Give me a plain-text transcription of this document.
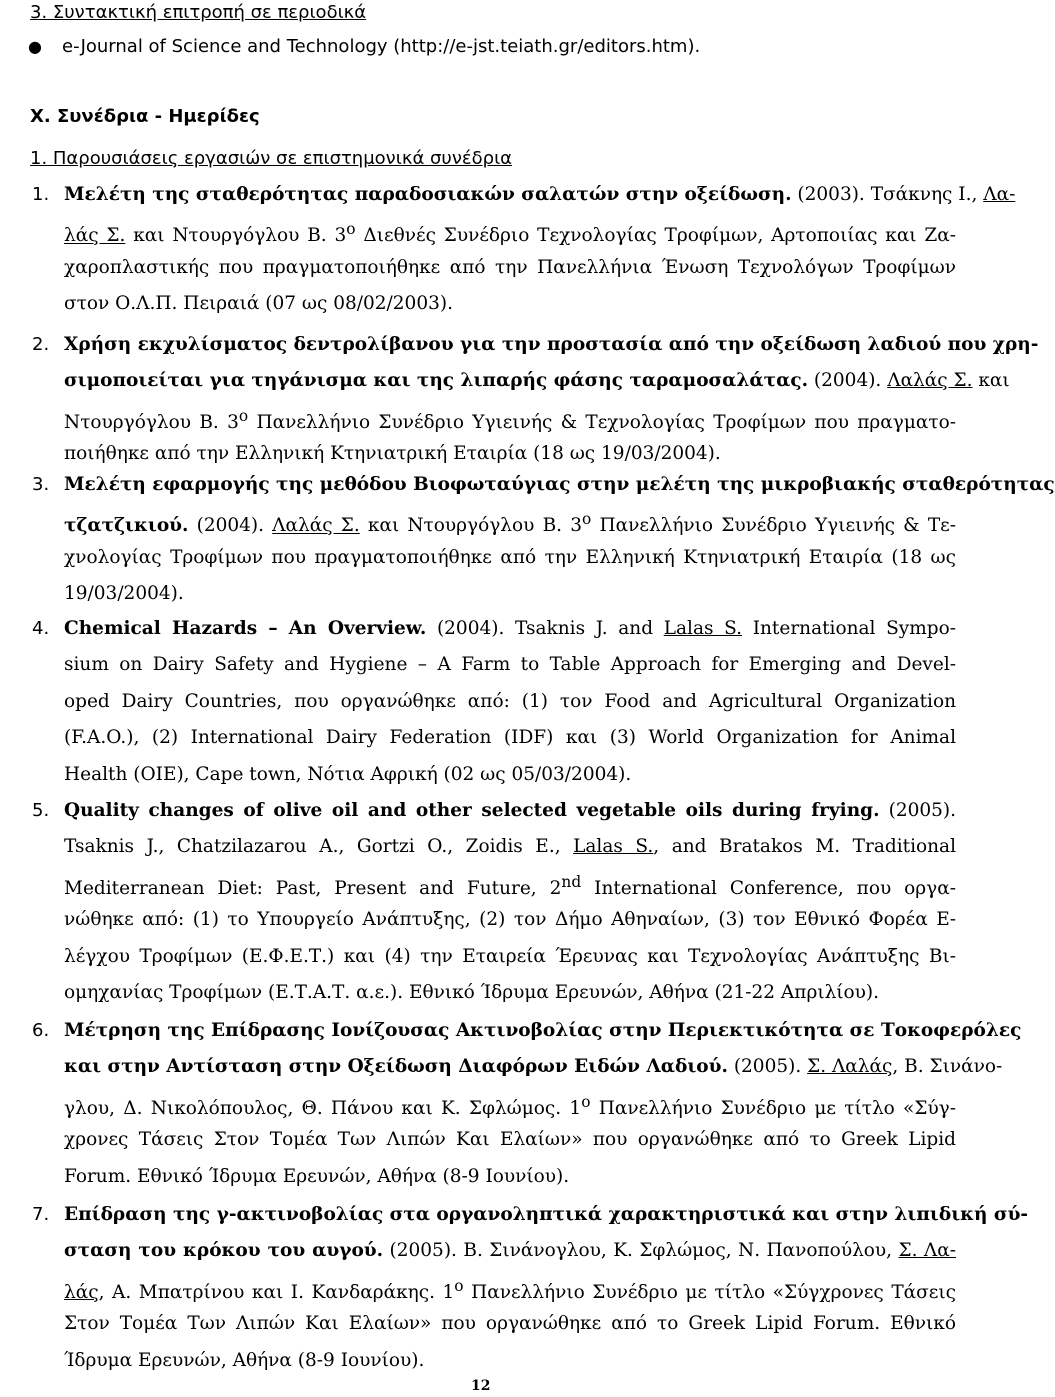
3. Συντακτική επιτροπή σε περιοδικά
● e-Journal of Science and Technology (http://e-jst.teiath.gr/editors.htm).
Χ. Συνέδρια - Ημερίδες
1. Παρουσιάσεις εργασιών σε επιστημονικά συνέδρια
1. Μελέτη της σταθερότητας παραδοσιακών σαλατών στην οξείδωση. (2003). Τσάκνης Ι., Λα-
λάς Σ. και Ντουργόγλου Β. $3^o$ Διεθνές Συνέδριο Τεχνολογίας Τροφίμων, Αρτοποιίας και Ζα-
χαροπλαστικής που πραγματοποιήθηκε από την Πανελλήνια Ένωση Τεχνολόγων Τροφίμων
στον Ο.Λ.Π. Πειραιά (07 ως 08/02/2003).
2. Χρήση εκχυλίσματος δεντρολίβανου για την προστασία από την οξείδωση λαδιού που χρη-
σιμοποιείται για τηγάνισμα και της λιπαρής φάσης ταραμοσαλάτας. (2004). Λαλάς Σ. και
Ντουργόγλου Β. $3^o$ Πανελλήνιο Συνέδριο Υγιεινής & Τεχνολογίας Τροφίμων που πραγματο-
ποιήθηκε από την Ελληνική Κτηνιατρική Εταιρία (18 ως 19/03/2004).
3. Μελέτη εφαρμογής της μεθόδου Βιοφωταύγιας στην μελέτη της μικροβιακής σταθερότητας
τζατζικιού. (2004). Λαλάς Σ. και Ντουργόγλου Β. $3^o$ Πανελλήνιο Συνέδριο Υγιεινής & Τε-
χνολογίας Τροφίμων που πραγματοποιήθηκε από την Ελληνική Κτηνιατρική Εταιρία (18 ως
19/03/2004).
4. Chemical Hazards – An Overview. (2004). Tsaknis J. and Lalas S. International Sympo-
sium on Dairy Safety and Hygiene – A Farm to Table Approach for Emerging and Devel-
oped Dairy Countries, που οργανώθηκε από: (1) τον Food and Agricultural Organization
(F.A.O.), (2) International Dairy Federation (IDF) και (3) World Organization for Animal
Health (OIE), Cape town, Νότια Αφρική (02 ως 05/03/2004).
5. Quality changes of olive oil and other selected vegetable oils during frying. (2005).
Tsaknis J., Chatzilazarou A., Gortzi O., Zoidis E., Lalas S., and Bratakos M. Traditional
Mediterranean Diet: Past, Present and Future, 2nd International Conference, που οργα-
νώθηκε από: (1) τo Υπουργείο Ανάπτυξης, (2) τον Δήμο Αθηναίων, (3) τον Εθνικό Φορέα Ε-
λέγχου Τροφίμων (Ε.Φ.Ε.Τ.) και (4) την Εταιρεία Έρευνας και Τεχνολογίας Ανάπτυξης Βι-
ομηχανίας Τροφίμων (Ε.Τ.Α.Τ. α.ε.). Εθνικό Ίδρυμα Ερευνών, Αθήνα (21-22 Απριλίου).
6. Μέτρηση της Επίδρασης Ιονίζουσας Ακτινοβολίας στην Περιεκτικότητα σε Τοκοφερόλες
και στην Αντίσταση στην Οξείδωση Διαφόρων Ειδών Λαδιού. (2005). Σ. Λαλάς, Β. Σινάνο-
γλου, Δ. Νικολόπουλος, Θ. Πάνου και Κ. Σφλώμος. $1^o$ Πανελλήνιο Συνέδριο με τίτλο «Σύγ-
χρονες Τάσεις Στον Τομέα Των Λιπών Και Ελαίων» που οργανώθηκε από το Greek Lipid
Forum. Εθνικό Ίδρυμα Ερευνών, Αθήνα (8-9 Ιουνίου).
7. Επίδραση της γ-ακτινοβολίας στα οργανοληπτικά χαρακτηριστικά και στην λιπιδική σύ-
σταση του κρόκου του αυγού. (2005). Β. Σινάνογλου, Κ. Σφλώμος, Ν. Πανοπούλου, Σ. Λα-
λάς, Α. Μπατρίνου και Ι. Κανδαράκης. $1^o$ Πανελλήνιο Συνέδριο με τίτλο «Σύγχρονες Τάσεις
Στον Τομέα Των Λιπών Και Ελαίων» που οργανώθηκε από το Greek Lipid Forum. Εθνικό
Ίδρυμα Ερευνών, Αθήνα (8-9 Ιουνίου).
12
